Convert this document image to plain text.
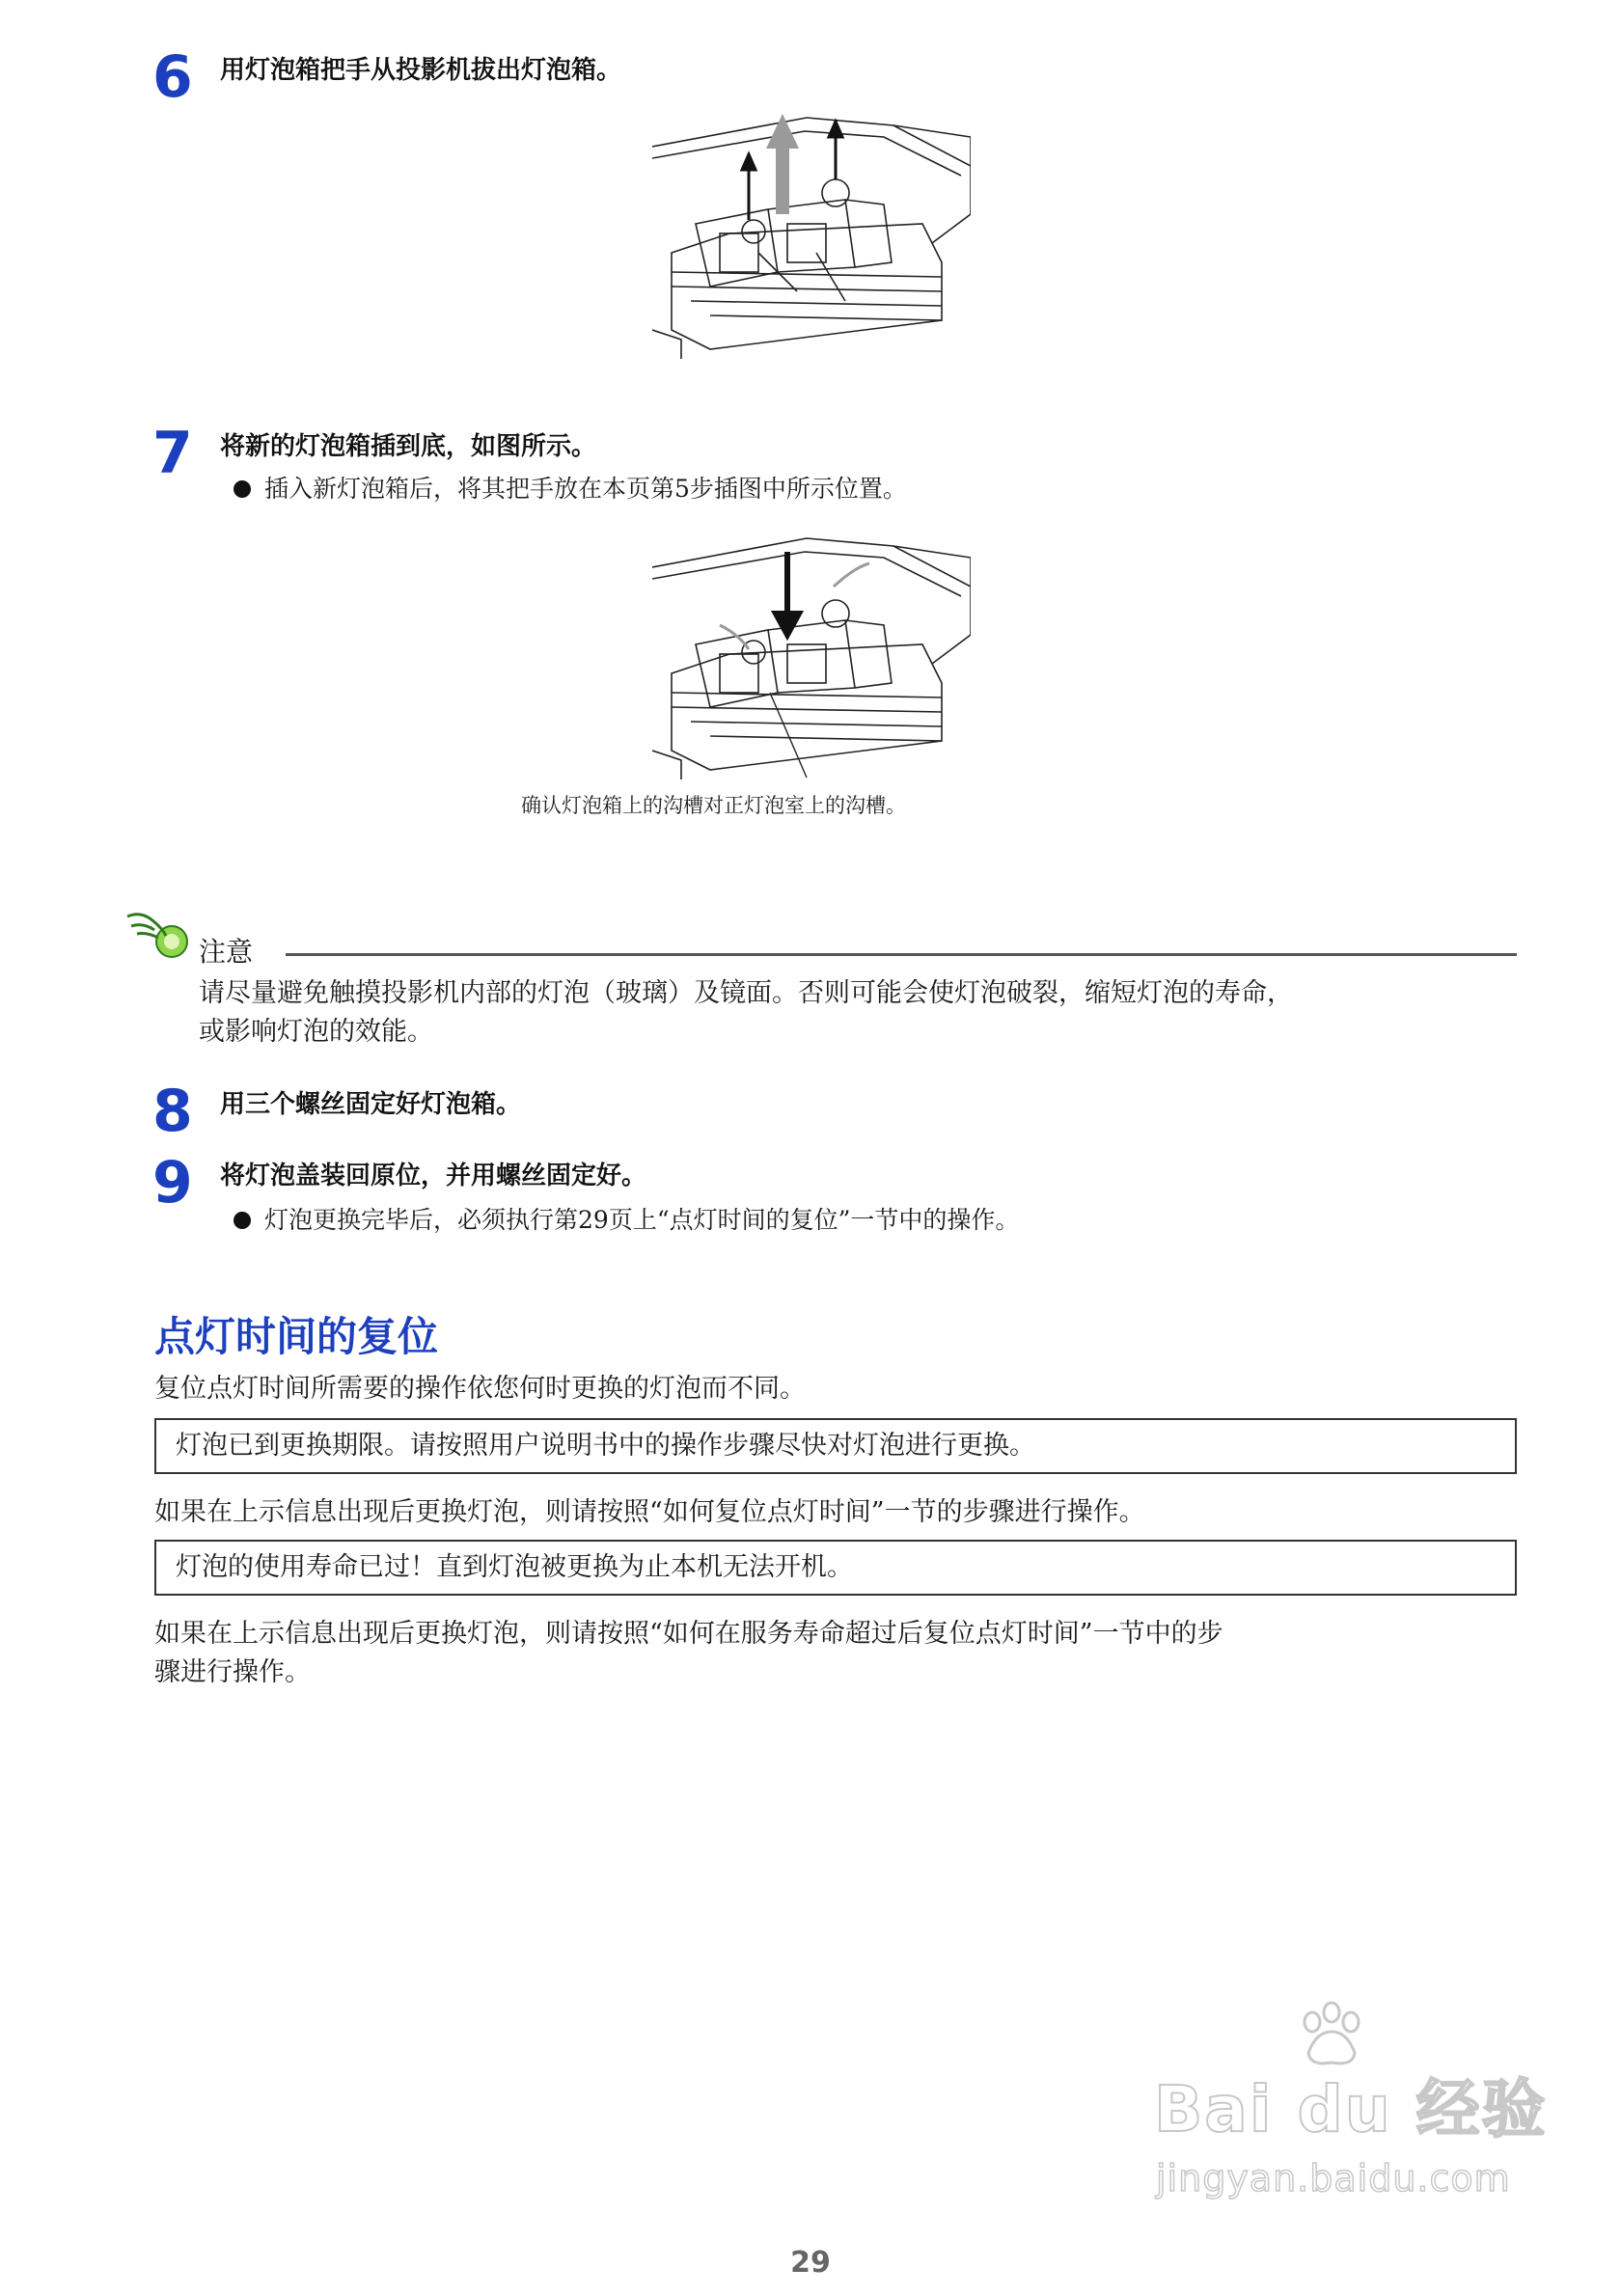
6 用灯泡箱把手从投影机拔出灯泡箱。
7 将新的灯泡箱插到底，如图所示。
插入新灯泡箱后，将其把手放在本页第5步插图中所示位置。
确认灯泡箱上的沟槽对正灯泡室上的沟槽。
注意
请尽量避免触摸投影机内部的灯泡（玻璃）及镜面。否则可能会使灯泡破裂，缩短灯泡的寿命，
或影响灯泡的效能。
8 用三个螺丝固定好灯泡箱。
9 将灯泡盖装回原位，并用螺丝固定好。
灯泡更换完毕后，必须执行第29页上“点灯时间的复位”一节中的操作。
点灯时间的复位
复位点灯时间所需要的操作依您何时更换的灯泡而不同。
灯泡已到更换期限。请按照用户说明书中的操作步骤尽快对灯泡进行更换。
如果在上示信息出现后更换灯泡，则请按照“如何复位点灯时间”一节的步骤进行操作。
灯泡的使用寿命已过！直到灯泡被更换为止本机无法开机。
如果在上示信息出现后更换灯泡，则请按照“如何在服务寿命超过后复位点灯时间”一节中的步
骤进行操作。
Bai du 经验
jingyan.baidu.com
29
